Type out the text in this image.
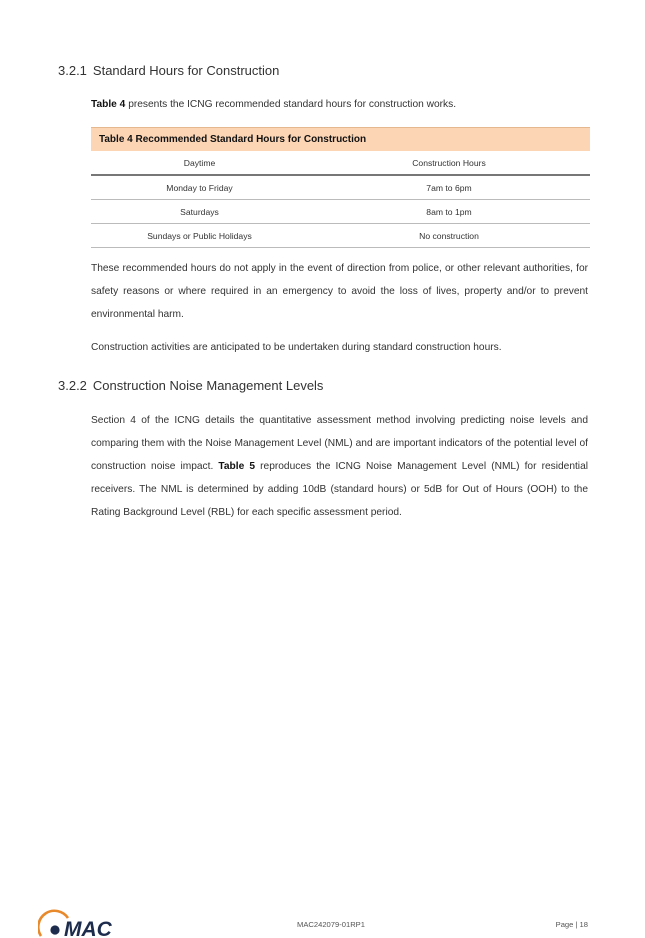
3.2.1 Standard Hours for Construction

Table 4 presents the ICNG recommended standard hours for construction works.

Table 4 Recommended Standard Hours for Construction
Daytime	Construction Hours
Monday to Friday	7am to 6pm
Saturdays	8am to 1pm
Sundays or Public Holidays	No construction

These recommended hours do not apply in the event of direction from police, or other relevant authorities, for safety reasons or where required in an emergency to avoid the loss of lives, property and/or to prevent environmental harm.

Construction activities are anticipated to be undertaken during standard construction hours.

3.2.2 Construction Noise Management Levels

Section 4 of the ICNG details the quantitative assessment method involving predicting noise levels and comparing them with the Noise Management Level (NML) and are important indicators of the potential level of construction noise impact. Table 5 reproduces the ICNG Noise Management Level (NML) for residential receivers. The NML is determined by adding 10dB (standard hours) or 5dB for Out of Hours (OOH) to the Rating Background Level (RBL) for each specific assessment period.

MAC	MAC242079-01RP1	Page | 18
